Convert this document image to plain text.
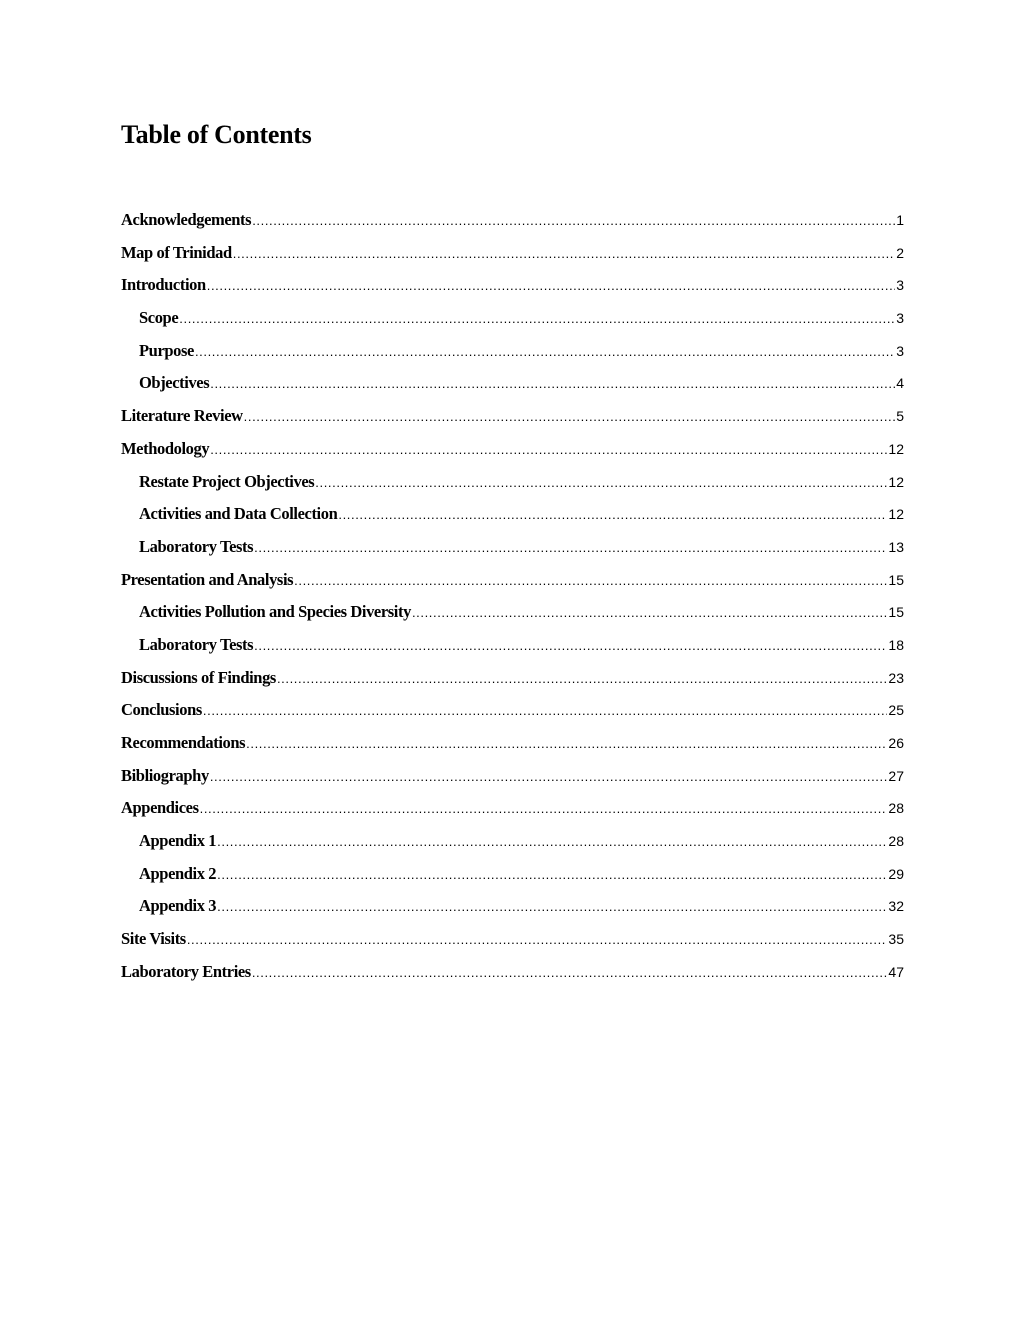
Table of Contents
Acknowledgements .....	1
Map of Trinidad .....	2
Introduction .....	3
Scope .....	3
Purpose .....	3
Objectives .....	4
Literature Review .....	5
Methodology .....	12
Restate Project Objectives .....	12
Activities and Data Collection .....	12
Laboratory Tests .....	13
Presentation and Analysis .....	15
Activities Pollution and Species Diversity .....	15
Laboratory Tests .....	18
Discussions of Findings .....	23
Conclusions .....	25
Recommendations .....	26
Bibliography .....	27
Appendices .....	28
Appendix 1 .....	28
Appendix 2 .....	29
Appendix 3 .....	32
Site Visits .....	35
Laboratory Entries .....	47
